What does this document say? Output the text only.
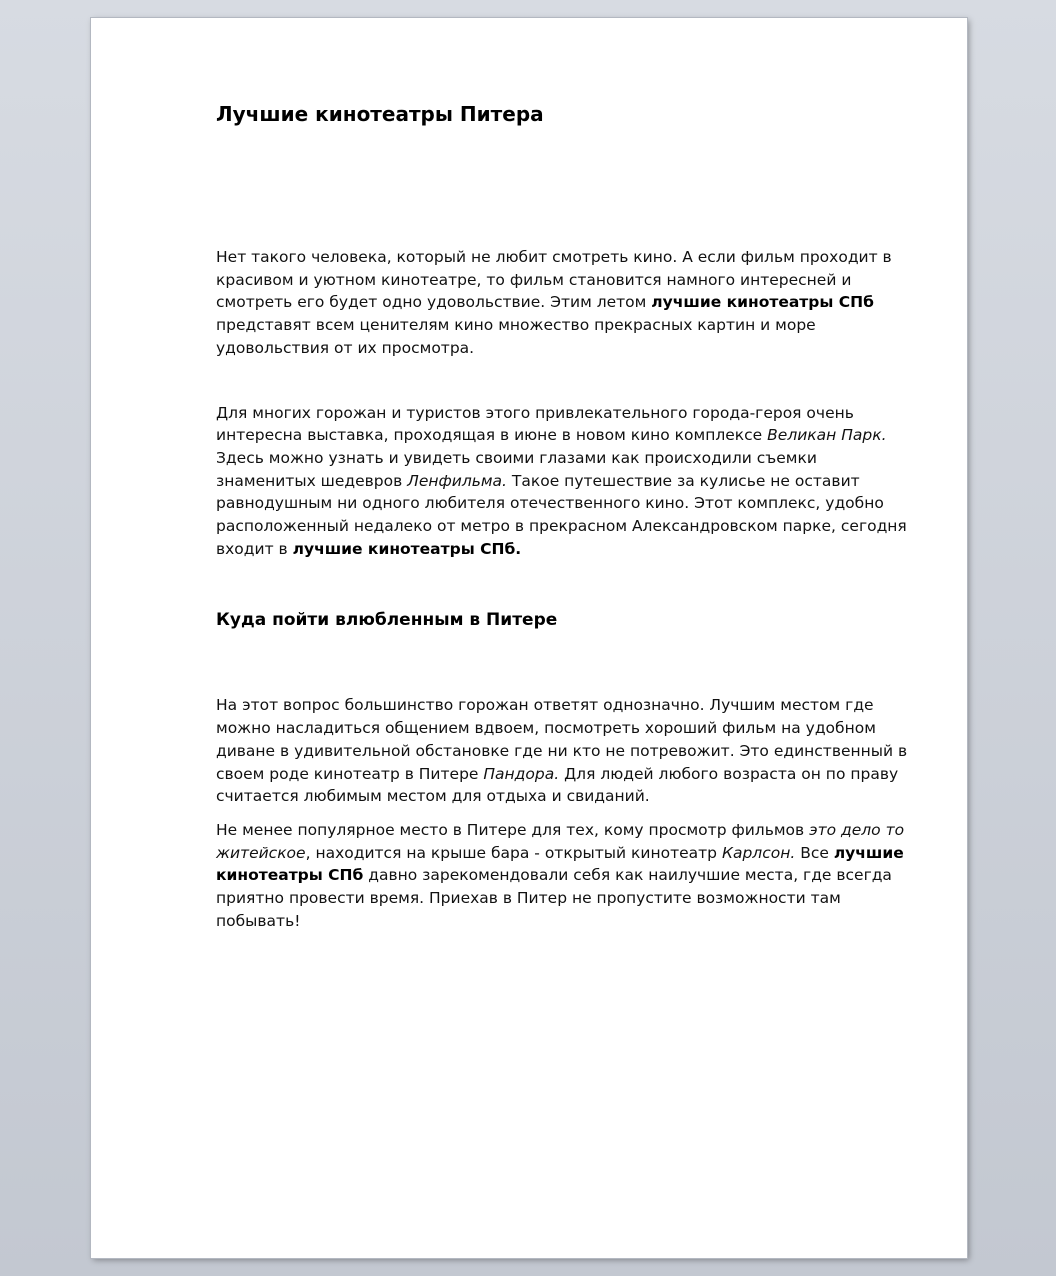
Лучшие кинотеатры Питера

Нет такого человека, который не любит смотреть кино. А если фильм проходит в красивом и уютном кинотеатре, то фильм становится намного интересней и смотреть его будет одно удовольствие. Этим летом лучшие кинотеатры СПб представят всем ценителям кино множество прекрасных картин и море удовольствия от их просмотра.

Для многих горожан и туристов этого привлекательного города-героя очень интересна выставка, проходящая в июне в новом кино комплексе Великан Парк. Здесь можно узнать и увидеть своими глазами как происходили съемки знаменитых шедевров Ленфильма. Такое путешествие за кулисье не оставит равнодушным ни одного любителя отечественного кино. Этот комплекс, удобно расположенный недалеко от метро в прекрасном Александровском парке, сегодня входит в лучшие кинотеатры СПб.

Куда пойти влюбленным в Питере

На этот вопрос большинство горожан ответят однозначно. Лучшим местом где можно насладиться общением вдвоем, посмотреть хороший фильм на удобном диване в удивительной обстановке где ни кто не потревожит. Это единственный в своем роде кинотеатр в Питере Пандора. Для людей любого возраста он по праву считается любимым местом для отдыха и свиданий.

Не менее популярное место в Питере для тех, кому просмотр фильмов это дело то житейское, находится на крыше бара - открытый кинотеатр Карлсон. Все лучшие кинотеатры СПб давно зарекомендовали себя как наилучшие места, где всегда приятно провести время. Приехав в Питер не пропустите возможности там побывать!
